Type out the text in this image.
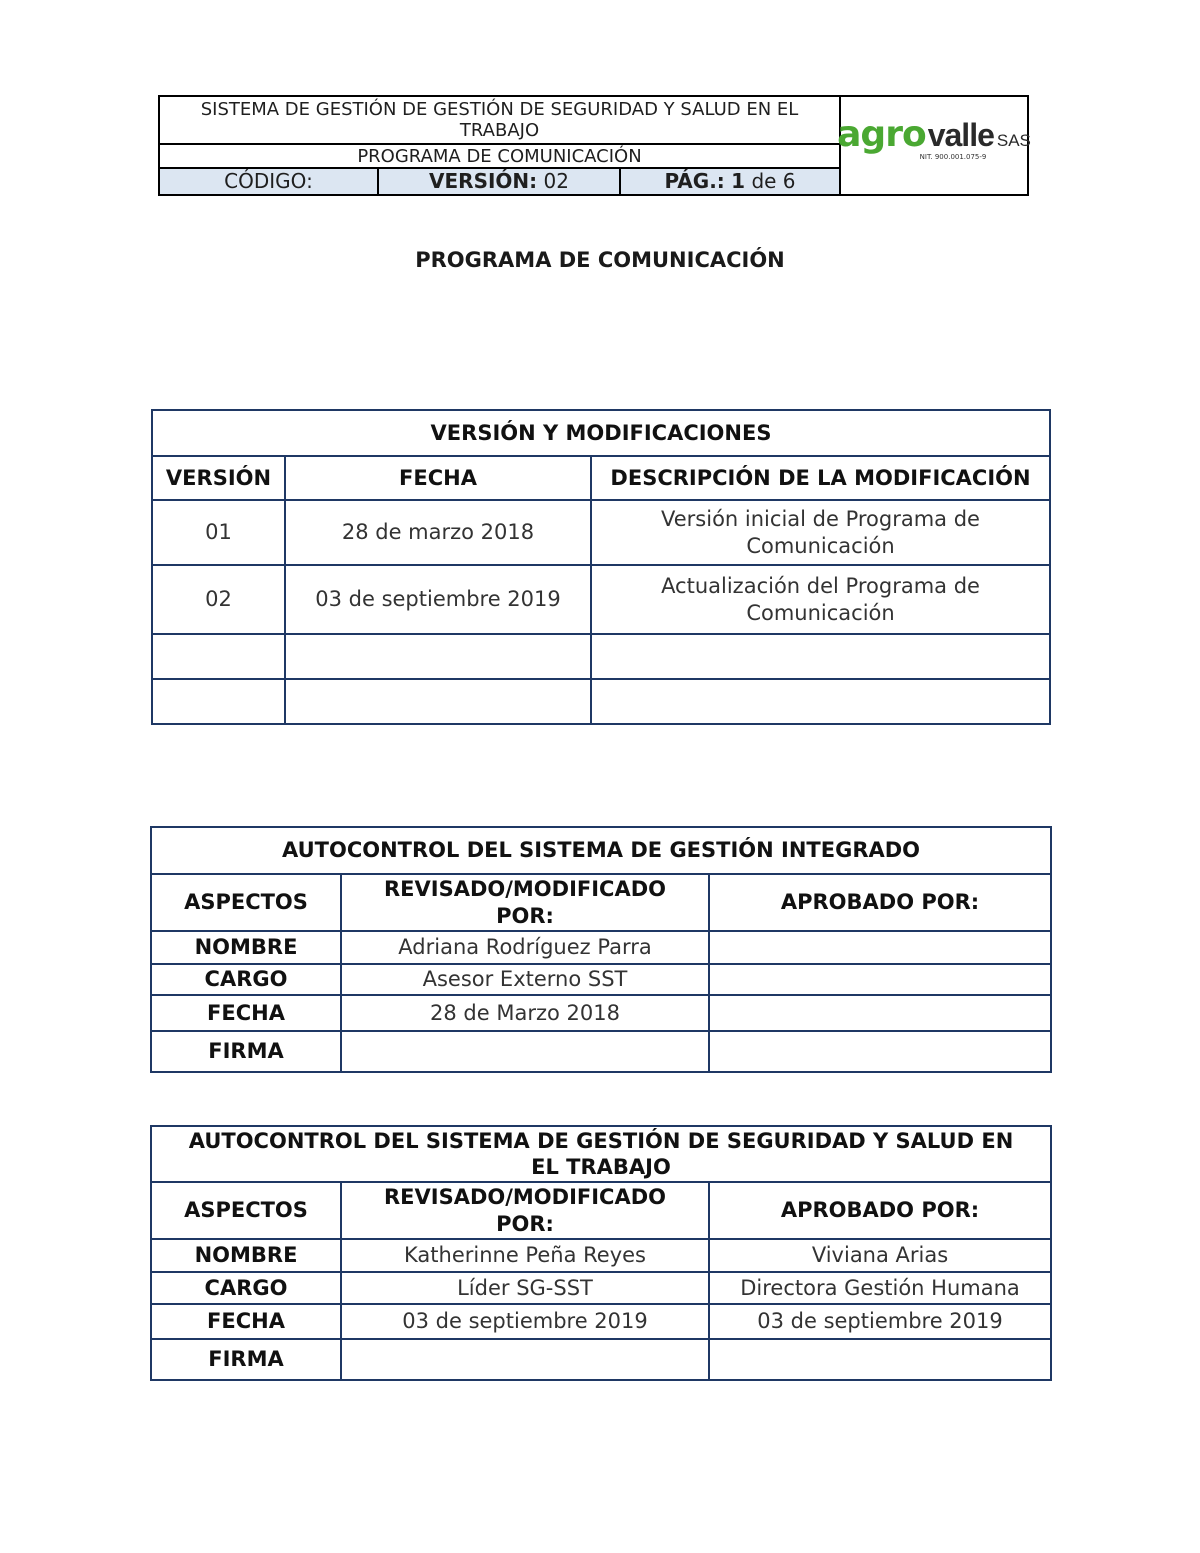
SISTEMA DE GESTIÓN DE GESTIÓN DE SEGURIDAD Y SALUD EN EL TRABAJO			agro valle SAS
NIT. 900.001.075-9

PROGRAMA DE COMUNICACIÓN			
CÓDIGO:	VERSIÓN: 02	PÁG.: 1 de 6	
PROGRAMA DE COMUNICACIÓN
VERSIÓN Y MODIFICACIONES		
VERSIÓN	FECHA	DESCRIPCIÓN DE LA MODIFICACIÓN
01	28 de marzo 2018	Versión inicial de Programa de Comunicación
02	03 de septiembre 2019	Actualización del Programa de Comunicación

AUTOCONTROL DEL SISTEMA DE GESTIÓN INTEGRADO		
ASPECTOS	REVISADO/MODIFICADO POR:	APROBADO POR:
NOMBRE	Adriana Rodríguez Parra	
CARGO	Asesor Externo SST	
FECHA	28 de Marzo 2018	
FIRMA		
AUTOCONTROL DEL SISTEMA DE GESTIÓN DE SEGURIDAD Y SALUD EN EL TRABAJO		
ASPECTOS	REVISADO/MODIFICADO POR:	APROBADO POR:
NOMBRE	Katherinne Peña Reyes	Viviana Arias
CARGO	Líder SG-SST	Directora Gestión Humana
FECHA	03 de septiembre 2019	03 de septiembre 2019
FIRMA		
